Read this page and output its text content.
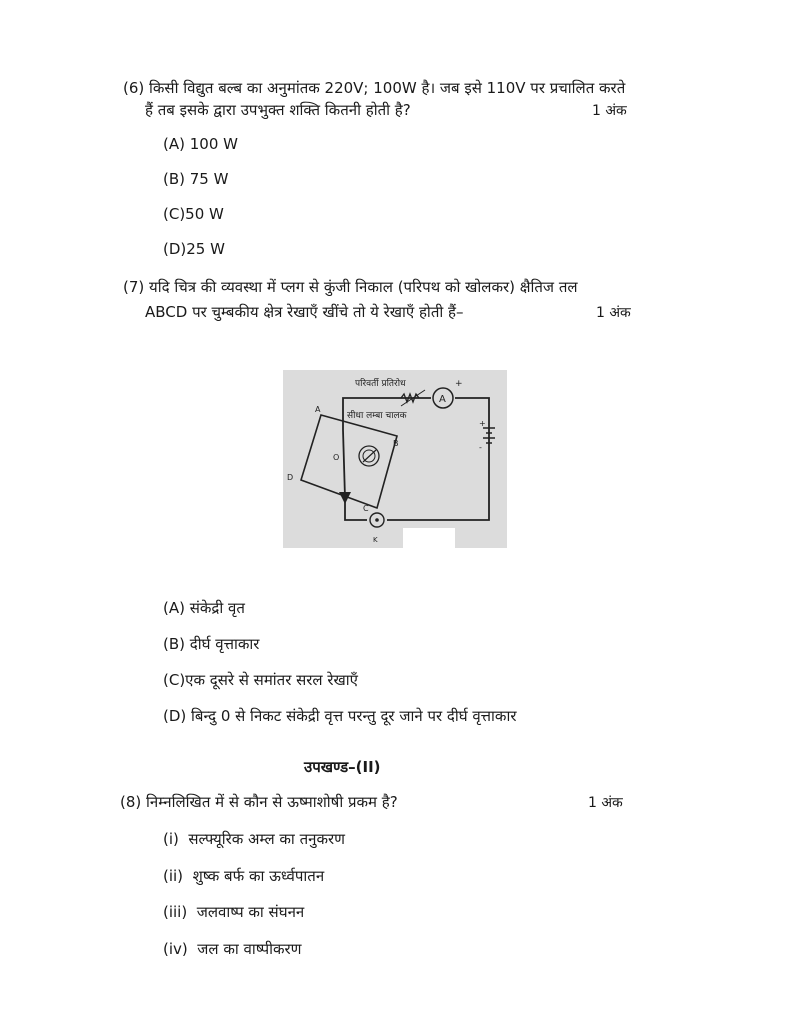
(6) किसी विद्युत बल्ब का अनुमांतक 220V; 100W है। जब इसे 110V पर प्रचालित करते
हैं तब इसके द्वारा उपभुक्त शक्ति कितनी होती है?	1 अंक
(A) 100 W
(B) 75 W
(C)50 W
(D)25 W
(7) यदि चित्र की व्यवस्था में प्लग से कुंजी निकाल (परिपथ को खोलकर) क्षैतिज तल
ABCD पर चुम्बकीय क्षेत्र रेखाएँ खींचे तो ये रेखाएँ होती हैं–	1 अंक
A
+
+
-
K
A
B
C
D
O
परिवर्ती प्रतिरोध
सीधा लम्बा चालक
(A) संकेद्री वृत
(B) दीर्घ वृत्ताकार
(C)एक दूसरे से समांतर सरल रेखाएँ
(D) बिन्दु 0 से निकट संकेद्री वृत्त परन्तु दूर जाने पर दीर्घ वृत्ताकार
उपखण्ड–(II)
(8) निम्नलिखित में से कौन से ऊष्माशोषी प्रकम है?	1 अंक
(i)  सल्फ्यूरिक अम्ल का तनुकरण
(ii)  शुष्क बर्फ का ऊर्ध्वपातन
(iii)  जलवाष्प का संघनन
(iv)  जल का वाष्पीकरण
